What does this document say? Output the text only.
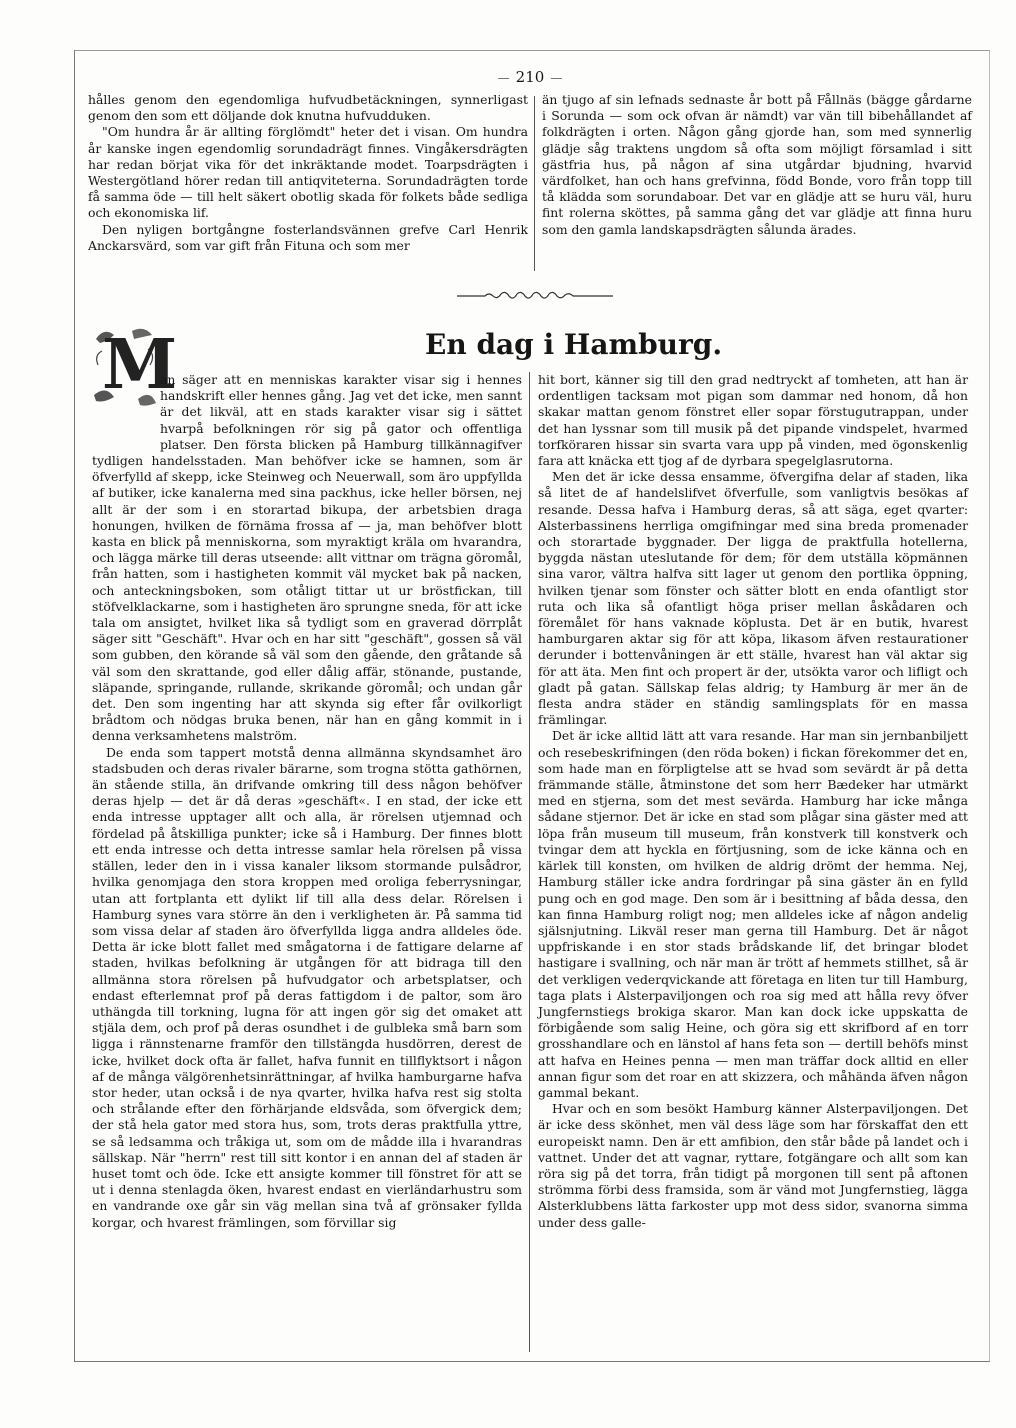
— 210 —

hålles genom den egendomliga hufvudbetäckningen, synnerligast genom den som ett döljande dok knutna hufvudduken.

"Om hundra år är allting förglömdt" heter det i visan. Om hundra år kanske ingen egendomlig sorundadrägt finnes. Vingåkersdrägten har redan börjat vika för det inkräktande modet. Toarpsdrägten i Westergötland hörer redan till antiqviteterna. Sorundadrägten torde få samma öde — till helt säkert obotlig skada för folkets både sedliga och ekonomiska lif.

Den nyligen bortgångne fosterlandsvännen grefve Carl Henrik Anckarsvärd, som var gift från Fituna och som mer

än tjugo af sin lefnads sednaste år bott på Fållnäs (bägge gårdarne i Sorunda — som ock ofvan är nämdt) var vän till bibehållandet af folkdrägten i orten. Någon gång gjorde han, som med synnerlig glädje såg traktens ungdom så ofta som möjligt församlad i sitt gästfria hus, på någon af sina utgårdar bjudning, hvarvid värdfolket, han och hans grefvinna, född Bonde, voro från topp till tå klädda som sorundaboar. Det var en glädje att se huru väl, huru fint rolerna sköttes, på samma gång det var glädje att finna huru som den gamla landskapsdrägten sålunda ärades.

En dag i Hamburg.
M

an säger att en menniskas karakter visar sig i hennes handskrift eller hennes gång. Jag vet det icke, men sannt är det likväl, att en stads karakter visar sig i sättet hvarpå befolkningen rör sig på gator och offentliga platser. Den första blicken på Hamburg tillkännagifver tydligen handelsstaden. Man behöfver icke se hamnen, som är öfverfylld af skepp, icke Steinweg och Neuerwall, som äro uppfyllda af butiker, icke kanalerna med sina packhus, icke heller börsen, nej allt är der som i en storartad bikupa, der arbetsbien draga honungen, hvilken de förnäma frossa af — ja, man behöfver blott kasta en blick på menniskorna, som myraktigt kräla om hvarandra, och lägga märke till deras utseende: allt vittnar om trägna göromål, från hatten, som i hastigheten kommit väl mycket bak på nacken, och anteckningsboken, som otåligt tittar ut ur bröstfickan, till stöfvelklackarne, som i hastigheten äro sprungne sneda, för att icke tala om ansigtet, hvilket lika så tydligt som en graverad dörrplåt säger sitt "Geschäft". Hvar och en har sitt "geschäft", gossen så väl som gubben, den körande så väl som den gående, den gråtande så väl som den skrattande, god eller dålig affär, stönande, pustande, släpande, springande, rullande, skrikande göromål; och undan går det. Den som ingenting har att skynda sig efter får ovilkorligt brådtom och nödgas bruka benen, när han en gång kommit in i denna verksamhetens malström.

De enda som tappert motstå denna allmänna skyndsamhet äro stadsbuden och deras rivaler bärarne, som trogna stötta gathörnen, än stående stilla, än drifvande omkring till dess någon behöfver deras hjelp — det är då deras »geschäft«. I en stad, der icke ett enda intresse upptager allt och alla, är rörelsen utjemnad och fördelad på åtskilliga punkter; icke så i Hamburg. Der finnes blott ett enda intresse och detta intresse samlar hela rörelsen på vissa ställen, leder den in i vissa kanaler liksom stormande pulsådror, hvilka genomjaga den stora kroppen med oroliga feberrysningar, utan att fortplanta ett dylikt lif till alla dess delar. Rörelsen i Hamburg synes vara större än den i verkligheten är. På samma tid som vissa delar af staden äro öfverfyllda ligga andra alldeles öde. Detta är icke blott fallet med smågatorna i de fattigare delarne af staden, hvilkas befolkning är utgången för att bidraga till den allmänna stora rörelsen på hufvudgator och arbetsplatser, och endast efterlemnat prof på deras fattigdom i de paltor, som äro uthängda till torkning, lugna för att ingen gör sig det omaket att stjäla dem, och prof på deras osundhet i de gulbleka små barn som ligga i rännstenarne framför den tillstängda husdörren, derest de icke, hvilket dock ofta är fallet, hafva funnit en tillflyktsort i någon af de många välgörenhetsinrättningar, af hvilka hamburgarne hafva stor heder, utan också i de nya qvarter, hvilka hafva rest sig stolta och strålande efter den förhärjande eldsvåda, som öfvergick dem; der stå hela gator med stora hus, som, trots deras praktfulla yttre, se så ledsamma och tråkiga ut, som om de mådde illa i hvarandras sällskap. När "herrn" rest till sitt kontor i en annan del af staden är huset tomt och öde. Icke ett ansigte kommer till fönstret för att se ut i denna stenlagda öken, hvarest endast en vierländarhustru som en vandrande oxe går sin väg mellan sina två af grönsaker fyllda korgar, och hvarest främlingen, som förvillar sig

hit bort, känner sig till den grad nedtryckt af tomheten, att han är ordentligen tacksam mot pigan som dammar ned honom, då hon skakar mattan genom fönstret eller sopar förstugutrappan, under det han lyssnar som till musik på det pipande vindspelet, hvarmed torfköraren hissar sin svarta vara upp på vinden, med ögonskenlig fara att knäcka ett tjog af de dyrbara spegelglasrutorna.

Men det är icke dessa ensamme, öfvergifna delar af staden, lika så litet de af handelslifvet öfverfulle, som vanligtvis besökas af resande. Dessa hafva i Hamburg deras, så att säga, eget qvarter: Alsterbassinens herrliga omgifningar med sina breda promenader och storartade byggnader. Der ligga de praktfulla hotellerna, byggda nästan uteslutande för dem; för dem utställa köpmännen sina varor, vältra halfva sitt lager ut genom den portlika öppning, hvilken tjenar som fönster och sätter blott en enda ofantligt stor ruta och lika så ofantligt höga priser mellan åskådaren och föremålet för hans vaknade köplusta. Det är en butik, hvarest hamburgaren aktar sig för att köpa, likasom äfven restaurationer derunder i bottenvåningen är ett ställe, hvarest han väl aktar sig för att äta. Men fint och propert är der, utsökta varor och lifligt och gladt på gatan. Sällskap felas aldrig; ty Hamburg är mer än de flesta andra städer en ständig samlingsplats för en massa främlingar.

Det är icke alltid lätt att vara resande. Har man sin jernbanbiljett och resebeskrifningen (den röda boken) i fickan förekommer det en, som hade man en förpligtelse att se hvad som sevärdt är på detta främmande ställe, åtminstone det som herr Bædeker har utmärkt med en stjerna, som det mest sevärda. Hamburg har icke många sådane stjernor. Det är icke en stad som plågar sina gäster med att löpa från museum till museum, från konstverk till konstverk och tvingar dem att hyckla en förtjusning, som de icke känna och en kärlek till konsten, om hvilken de aldrig drömt der hemma. Nej, Hamburg ställer icke andra fordringar på sina gäster än en fylld pung och en god mage. Den som är i besittning af båda dessa, den kan finna Hamburg roligt nog; men alldeles icke af någon andelig själsnjutning. Likväl reser man gerna till Hamburg. Det är något uppfriskande i en stor stads brådskande lif, det bringar blodet hastigare i svallning, och när man är trött af hemmets stillhet, så är det verkligen vederqvickande att företaga en liten tur till Hamburg, taga plats i Alsterpaviljongen och roa sig med att hålla revy öfver Jungfernstiegs brokiga skaror. Man kan dock icke uppskatta de förbigående som salig Heine, och göra sig ett skrifbord af en torr grosshandlare och en länstol af hans feta son — dertill behöfs minst att hafva en Heines penna — men man träffar dock alltid en eller annan figur som det roar en att skizzera, och måhända äfven någon gammal bekant.

Hvar och en som besökt Hamburg känner Alsterpaviljongen. Det är icke dess skönhet, men väl dess läge som har förskaffat den ett europeiskt namn. Den är ett amfibion, den står både på landet och i vattnet. Under det att vagnar, ryttare, fotgängare och allt som kan röra sig på det torra, från tidigt på morgonen till sent på aftonen strömma förbi dess framsida, som är vänd mot Jungfernstieg, lägga Alsterklubbens lätta farkoster upp mot dess sidor, svanorna simma under dess galle-
